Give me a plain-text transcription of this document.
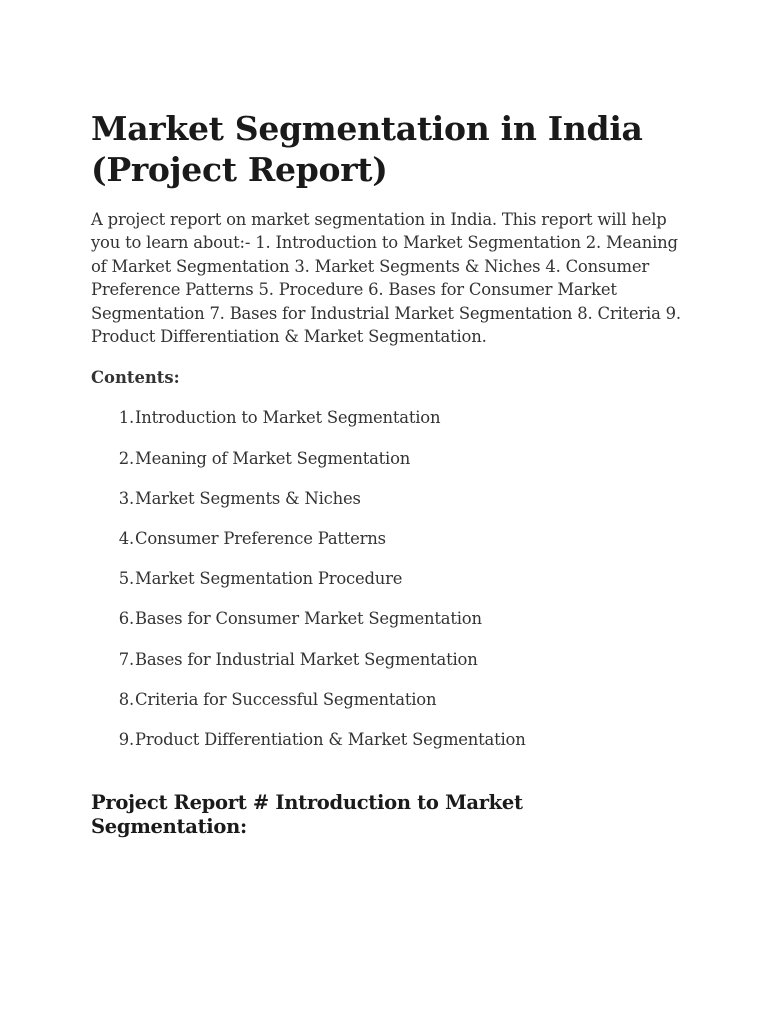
Market Segmentation in India (Project Report)

A project report on market segmentation in India. This report will help you to learn about:- 1. Introduction to Market Segmentation 2. Meaning of Market Segmentation 3. Market Segments & Niches 4. Consumer Preference Patterns 5. Procedure 6. Bases for Consumer Market Segmentation 7. Bases for Industrial Market Segmentation 8. Criteria 9. Product Differentiation & Market Segmentation.

Contents:

1. Introduction to Market Segmentation
2. Meaning of Market Segmentation
3. Market Segments & Niches
4. Consumer Preference Patterns
5. Market Segmentation Procedure
6. Bases for Consumer Market Segmentation
7. Bases for Industrial Market Segmentation
8. Criteria for Successful Segmentation
9. Product Differentiation & Market Segmentation
Project Report # Introduction to Market Segmentation:
